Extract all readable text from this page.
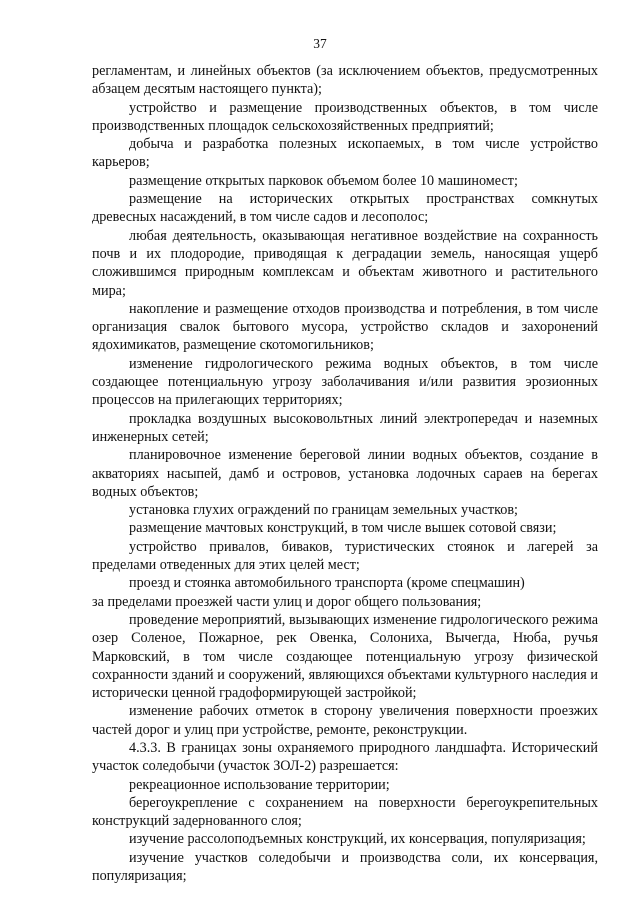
37

регламентам, и линейных объектов (за исключением объектов, предусмотренных абзацем десятым настоящего пункта);

устройство и размещение производственных объектов, в том числе производственных площадок сельскохозяйственных предприятий;

добыча и разработка полезных ископаемых, в том числе устройство карьеров;

размещение открытых парковок объемом более 10 машиномест;

размещение на исторических открытых пространствах сомкнутых древесных насаждений, в том числе садов и лесополос;

любая деятельность, оказывающая негативное воздействие на сохранность почв и их плодородие, приводящая к деградации земель, наносящая ущерб сложившимся природным комплексам и объектам животного и растительного мира;

накопление и размещение отходов производства и потребления, в том числе организация свалок бытового мусора, устройство складов и захоронений ядохимикатов, размещение скотомогильников;

изменение гидрологического режима водных объектов, в том числе создающее потенциальную угрозу заболачивания и/или развития эрозионных процессов на прилегающих территориях;

прокладка воздушных высоковольтных линий электропередач и наземных инженерных сетей;

планировочное изменение береговой линии водных объектов, создание в акваториях насыпей, дамб и островов, установка лодочных сараев на берегах водных объектов;

установка глухих ограждений по границам земельных участков;

размещение мачтовых конструкций, в том числе вышек сотовой связи;

устройство привалов, биваков, туристических стоянок и лагерей за пределами отведенных для этих целей мест;

проезд и стоянка автомобильного транспорта (кроме спецмашин)

за пределами проезжей части улиц и дорог общего пользования;

проведение мероприятий, вызывающих изменение гидрологического режима озер Соленое, Пожарное, рек Овенка, Солониха, Вычегда, Нюба, ручья Марковский, в том числе создающее потенциальную угрозу физической сохранности зданий и сооружений, являющихся объектами культурного наследия и исторически ценной градоформирующей застройкой;

изменение рабочих отметок в сторону увеличения поверхности проезжих частей дорог и улиц при устройстве, ремонте, реконструкции.

4.3.3. В границах зоны охраняемого природного ландшафта. Исторический участок соледобычи (участок ЗОЛ-2) разрешается:

рекреационное использование территории;

берегоукрепление с сохранением на поверхности берегоукрепительных конструкций задернованного слоя;

изучение рассолоподъемных конструкций, их консервация, популяризация;

изучение участков соледобычи и производства соли, их консервация, популяризация;
